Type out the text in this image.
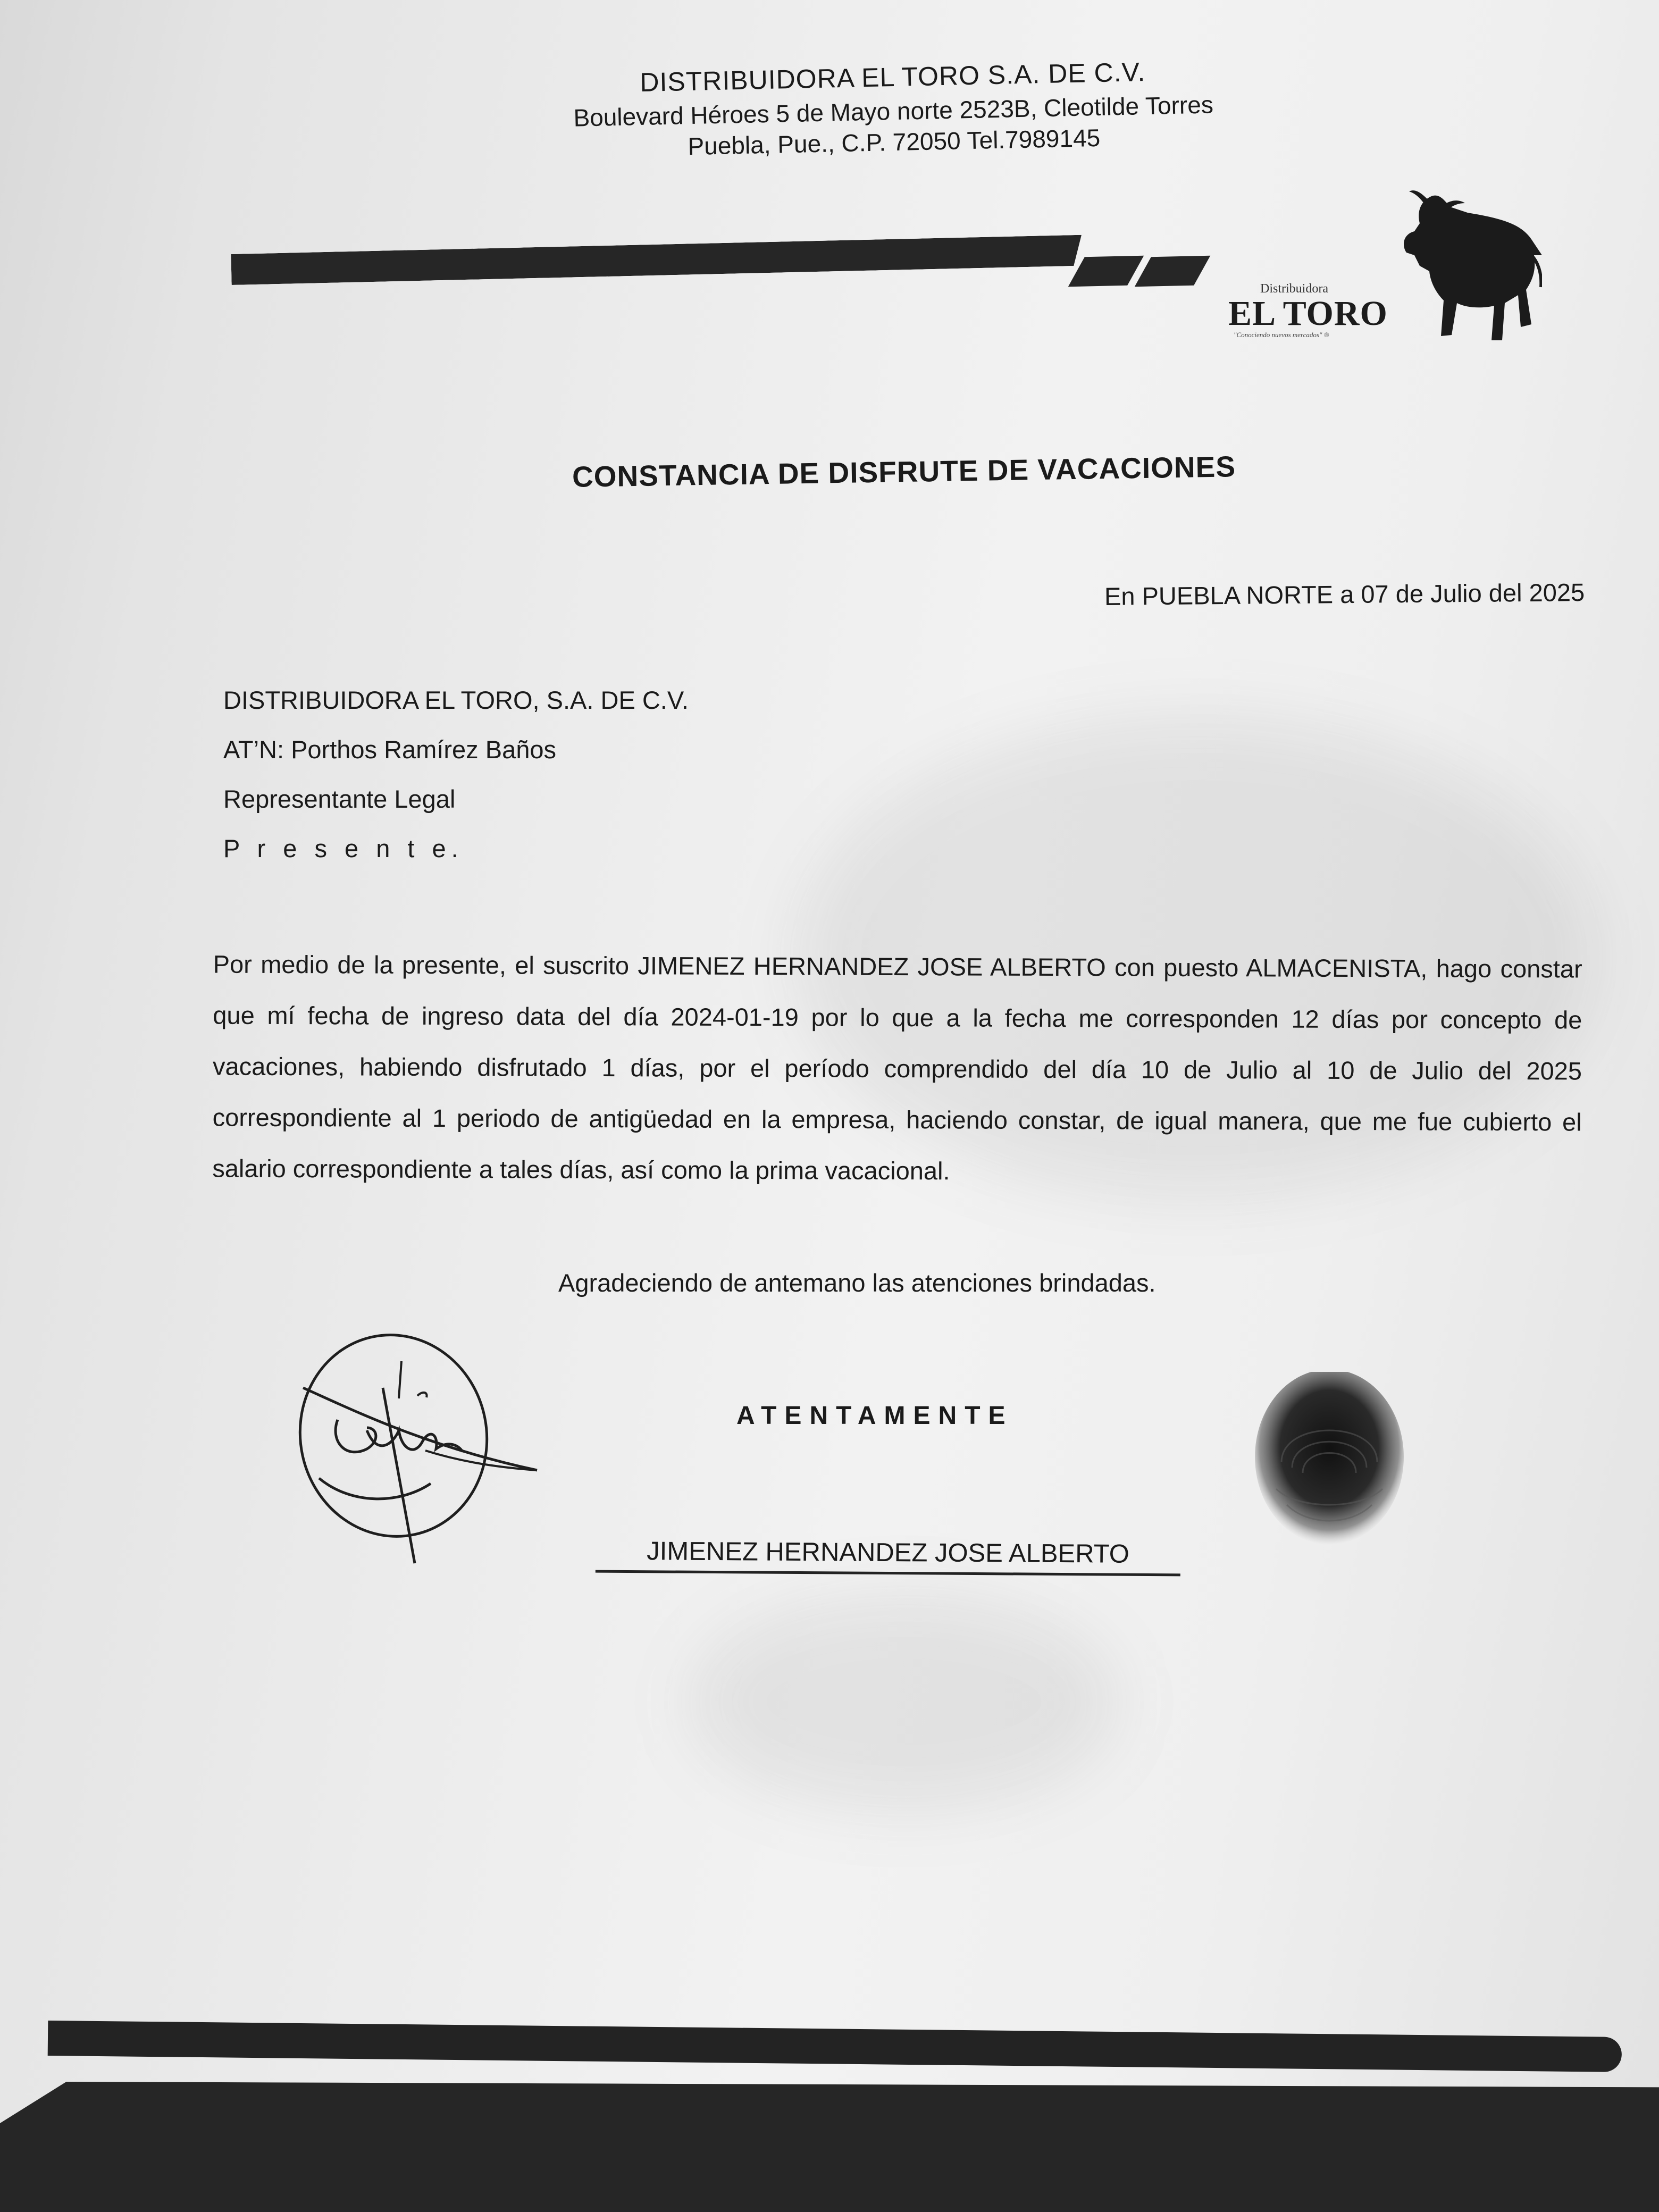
DISTRIBUIDORA EL TORO S.A. DE C.V.
Boulevard Héroes 5 de Mayo norte 2523B, Cleotilde Torres
Puebla, Pue., C.P. 72050 Tel.7989145
Distribuidora
EL TORO
"Conociendo nuevos mercados" ®
CONSTANCIA DE DISFRUTE DE VACACIONES
En PUEBLA NORTE a 07 de Julio del 2025
DISTRIBUIDORA EL TORO, S.A. DE C.V.
AT’N: Porthos Ramírez Baños
Representante Legal
P r e s e n t e.
Por medio de la presente, el suscrito JIMENEZ HERNANDEZ JOSE ALBERTO con puesto ALMACENISTA, hago constar que mí fecha de ingreso data del día 2024-01-19 por lo que a la fecha me corresponden 12 días por concepto de vacaciones, habiendo disfrutado 1 días, por el período comprendido del día 10 de Julio al 10 de Julio del 2025 correspondiente al 1 periodo de antigüedad en la empresa, haciendo constar, de igual manera, que me fue cubierto el salario correspondiente a tales días, así como la prima vacacional.
Agradeciendo de antemano las atenciones brindadas.
ATENTAMENTE
JIMENEZ HERNANDEZ JOSE ALBERTO
